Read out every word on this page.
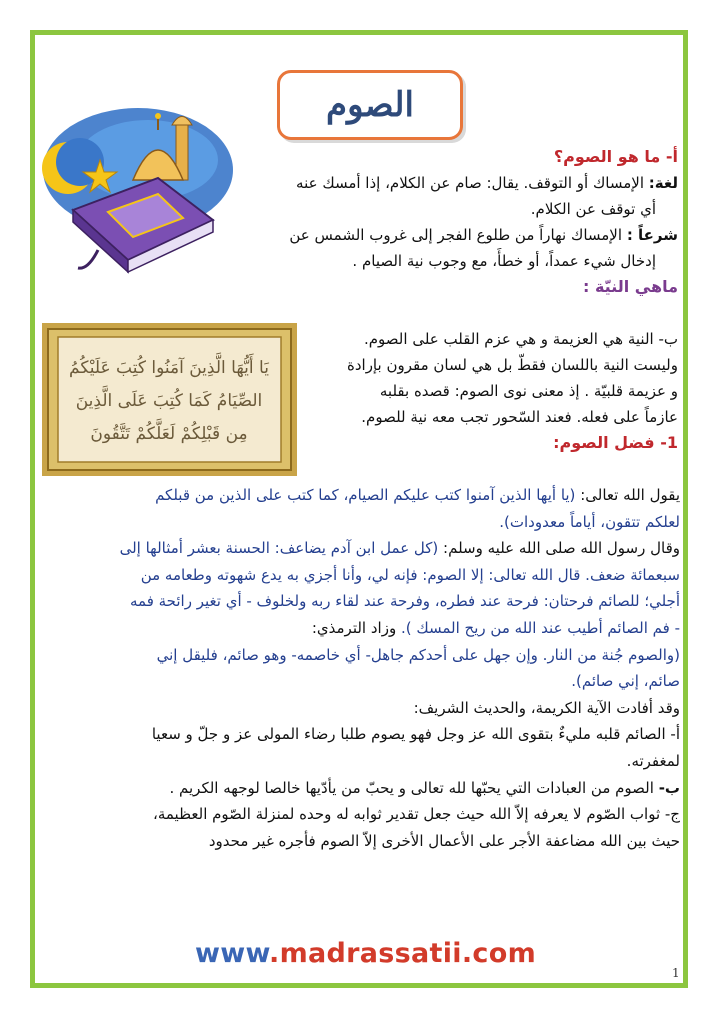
الصوم
يَا أَيُّهَا الَّذِينَ آمَنُوا كُتِبَ عَلَيْكُمُ
الصِّيَامُ كَمَا كُتِبَ عَلَى الَّذِينَ
مِن قَبْلِكُمْ لَعَلَّكُمْ تَتَّقُونَ
أ- ما هو الصوم؟
لغة: الإمساك أو التوقف. يقال: صام عن الكلام، إذا أمسك عنه
أي توقف عن الكلام.
شرعاً : الإمساك نهاراً من طلوع الفجر إلى غروب الشمس عن
إدخال شيء عمداً، أو خطأً، مع وجوب نية الصيام .
ماهي النيّة :
ب- النية هي العزيمة و هي عزم القلب على الصوم.
وليست النية باللسان فقطّ بل هي لسان مقرون بإرادة
و عزيمة قلبيّة . إذ معنى نوى الصوم: قصده بقلبه
عازماً على فعله. فعند السّحور تجب معه نية للصوم.
1- فضل الصوم:
يقول الله تعالى: (يا أيها الذين آمنوا كتب عليكم الصيام، كما كتب على الذين من قبلكم
لعلكم تتقون، أياماً معدودات).
وقال رسول الله صلى الله عليه وسلم: (كل عمل ابن آدم يضاعف: الحسنة بعشر أمثالها إلى
سبعمائة ضعف. قال الله تعالى: إلا الصوم: فإنه لي، وأنا أجزي به يدع شهوته وطعامه من
أجلي؛ للصائم فرحتان: فرحة عند فطره، وفرحة عند لقاء ربه ولخلوف - أي تغير رائحة فمه
- فم الصائم أطيب عند الله من ريح المسك ). وزاد الترمذي:
(والصوم جُنة من النار. وإن جهل على أحدكم جاهل- أي خاصمه- وهو صائم، فليقل إني
صائم، إني صائم).
وقد أفادت الآية الكريمة، والحديث الشريف:
أ- الصائم قلبه مليءٌ بتقوى الله عز وجل فهو يصوم طلبا رضاء المولى عز و جلّ و سعيا
لمغفرته.
ب- الصوم من العبادات التي يحبّها لله تعالى و يحبّ من يأدّيها خالصا لوجهه الكريم .
ج- ثواب الصّوم لا يعرفه إلاّ الله حيث جعل تقدير ثوابه له وحده لمنزلة الصّوم العظيمة،
حيث بين الله مضاعفة الأجر على الأعمال الأخرى إلاّ الصوم فأجره غير محدود
www.madrassatii.com
1
